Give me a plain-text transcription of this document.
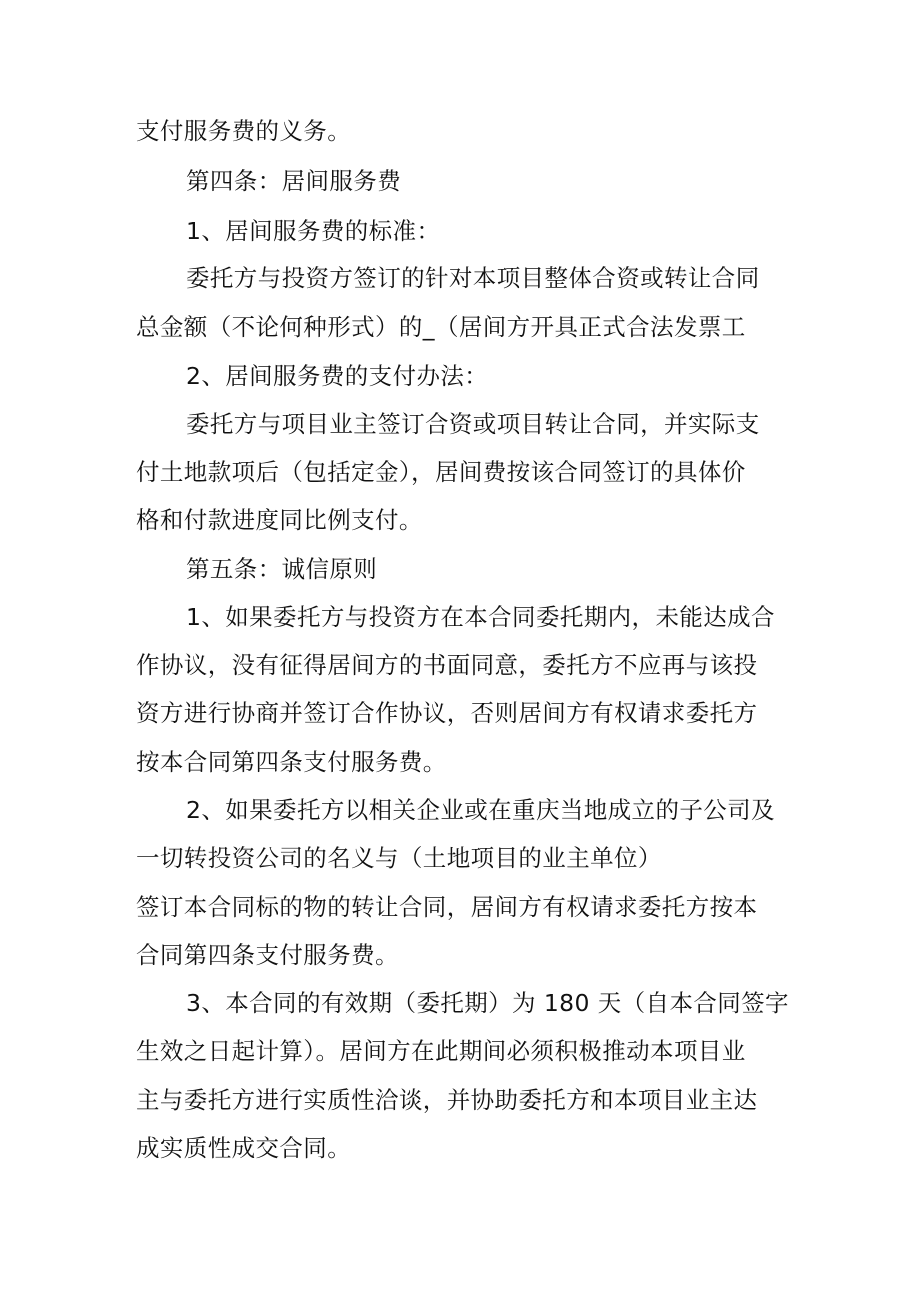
支付服务费的义务。
第四条：居间服务费
1、居间服务费的标准：
委托方与投资方签订的针对本项目整体合资或转让合同
总金额（不论何种形式）的_（居间方开具正式合法发票工
2、居间服务费的支付办法：
委托方与项目业主签订合资或项目转让合同，并实际支
付土地款项后（包括定金），居间费按该合同签订的具体价
格和付款进度同比例支付。
第五条：诚信原则
1、如果委托方与投资方在本合同委托期内，未能达成合
作协议，没有征得居间方的书面同意，委托方不应再与该投
资方进行协商并签订合作协议，否则居间方有权请求委托方
按本合同第四条支付服务费。
2、如果委托方以相关企业或在重庆当地成立的子公司及
一切转投资公司的名义与（土地项目的业主单位）
签订本合同标的物的转让合同，居间方有权请求委托方按本
合同第四条支付服务费。
3、本合同的有效期（委托期）为 180 天（自本合同签字
生效之日起计算）。居间方在此期间必须积极推动本项目业
主与委托方进行实质性洽谈，并协助委托方和本项目业主达
成实质性成交合同。
